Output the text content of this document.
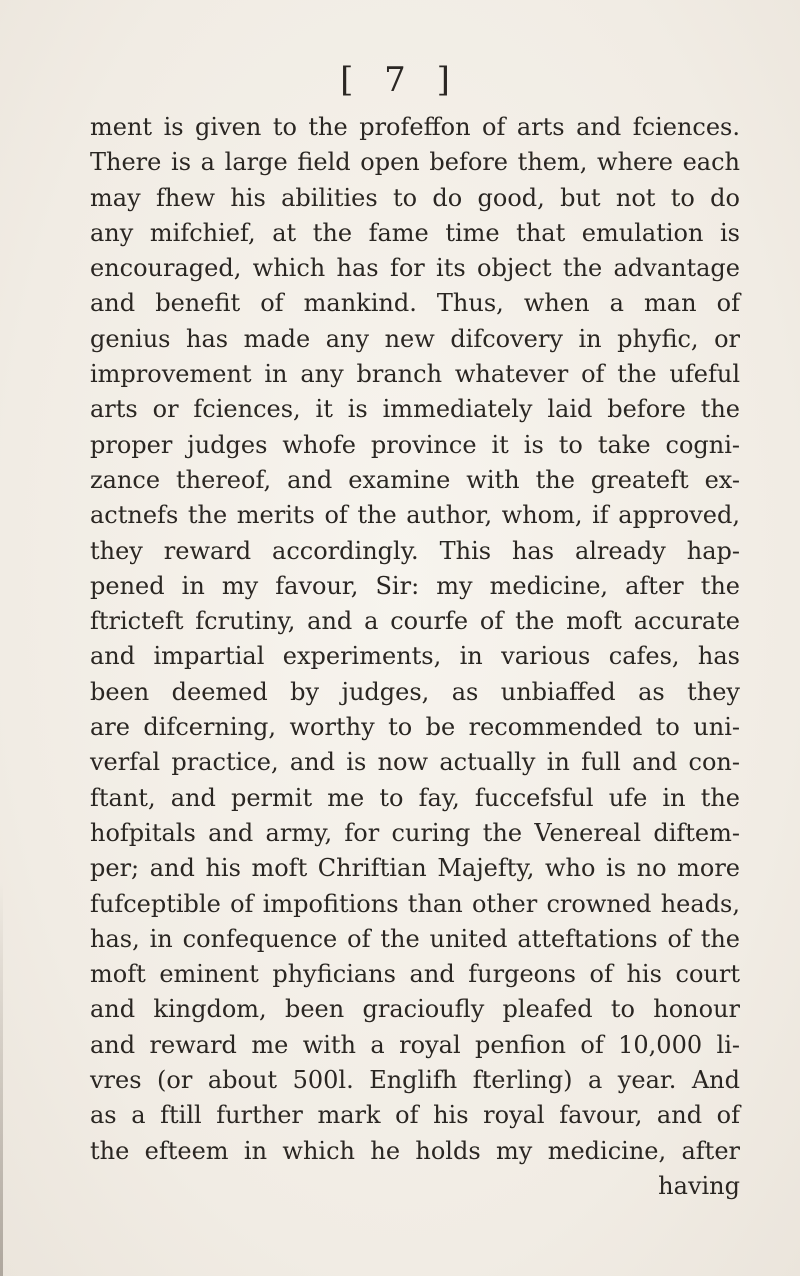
[ 7 ]
ment is given to the profeffon of arts and fciences.
There is a large field open before them, where each
may fhew his abilities to do good, but not to do
any mifchief, at the fame time that emulation is
encouraged, which has for its object the advantage
and benefit of mankind. Thus, when a man of
genius has made any new difcovery in phyfic, or
improvement in any branch whatever of the ufeful
arts or fciences, it is immediately laid before the
proper judges whofe province it is to take cogni-
zance thereof, and examine with the greateft ex-
actnefs the merits of the author, whom, if approved,
they reward accordingly. This has already hap-
pened in my favour, Sir: my medicine, after the
ftricteft fcrutiny, and a courfe of the moft accurate
and impartial experiments, in various cafes, has
been deemed by judges, as unbiaffed as they
are difcerning, worthy to be recommended to uni-
verfal practice, and is now actually in full and con-
ftant, and permit me to fay, fuccefsful ufe in the
hofpitals and army, for curing the Venereal diftem-
per; and his moft Chriftian Majefty, who is no more
fufceptible of impofitions than other crowned heads,
has, in confequence of the united atteftations of the
moft eminent phyficians and furgeons of his court
and kingdom, been gracioufly pleafed to honour
and reward me with a royal penfion of 10,000 li-
vres (or about 500l. Englifh fterling) a year. And
as a ftill further mark of his royal favour, and of
the efteem in which he holds my medicine, after
having
